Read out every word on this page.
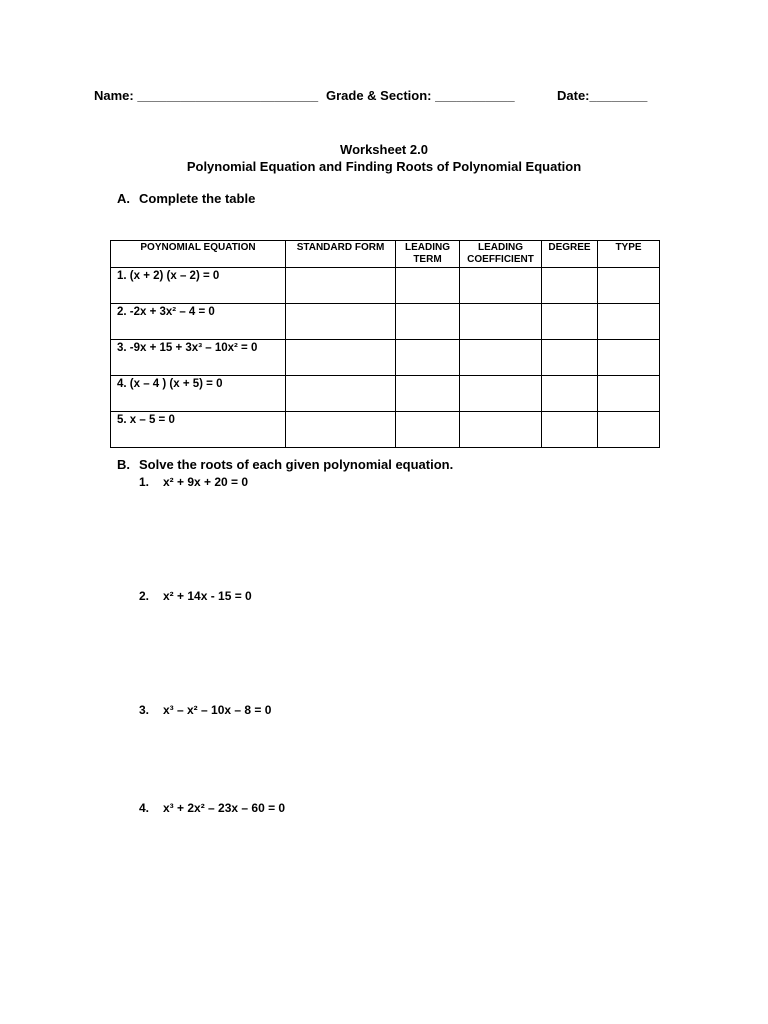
Name: _________________________ Grade & Section: ___________	Date:________
Worksheet 2.0
Polynomial Equation and Finding Roots of Polynomial Equation
A. Complete the table
POYNOMIAL EQUATION	STANDARD FORM	LEADING TERM	LEADING COEFFICIENT	DEGREE	TYPE
1. (x + 2) (x – 2) = 0					
2. -2x + 3x² – 4 = 0					
3. -9x + 15 + 3x³ – 10x² = 0					
4. (x – 4 ) (x + 5) = 0					
5. x – 5 = 0					
B. Solve the roots of each given polynomial equation.
1. x² + 9x + 20 = 0
2. x² + 14x - 15 = 0
3. x³ – x² – 10x – 8 = 0
4. x³ + 2x² – 23x – 60 = 0
